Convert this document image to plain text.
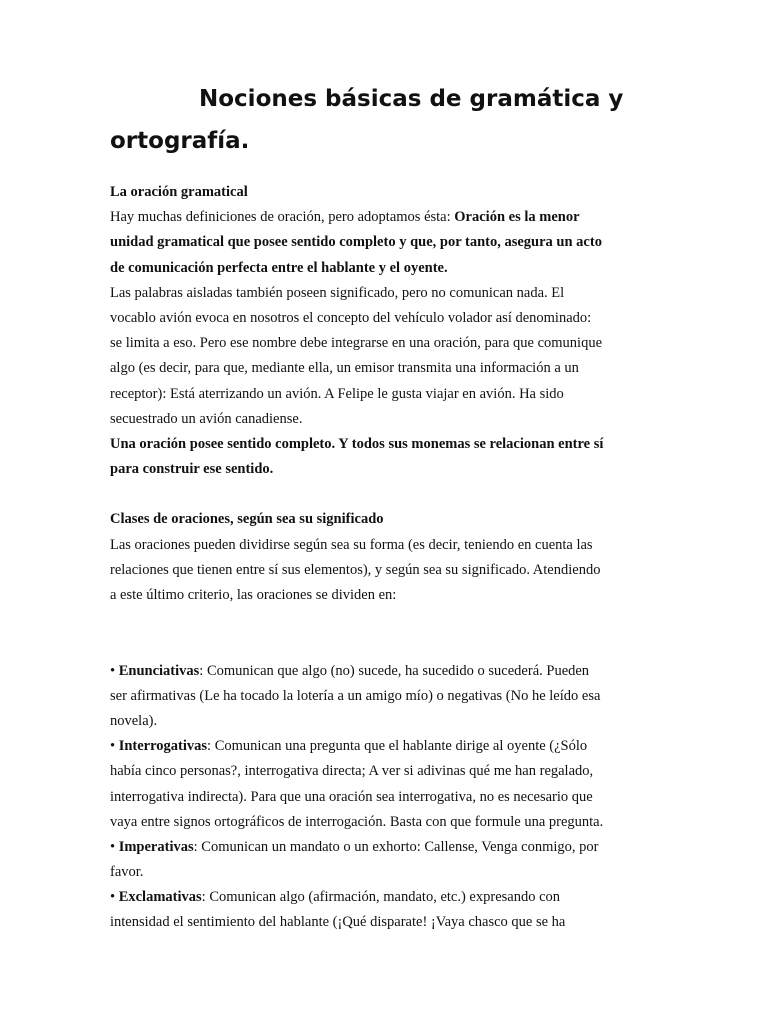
Nociones básicas de gramática y
ortografía.
La oración gramatical
Hay muchas definiciones de oración, pero adoptamos ésta: Oración es la menor
unidad gramatical que posee sentido completo y que, por tanto, asegura un acto
de comunicación perfecta entre el hablante y el oyente.
Las palabras aisladas también poseen significado, pero no comunican nada. El
vocablo avión evoca en nosotros el concepto del vehículo volador así denominado:
se limita a eso. Pero ese nombre debe integrarse en una oración, para que comunique
algo (es decir, para que, mediante ella, un emisor transmita una información a un
receptor): Está aterrizando un avión. A Felipe le gusta viajar en avión. Ha sido
secuestrado un avión canadiense.
Una oración posee sentido completo. Y todos sus monemas se relacionan entre sí
para construir ese sentido.
Clases de oraciones, según sea su significado
Las oraciones pueden dividirse según sea su forma (es decir, teniendo en cuenta las
relaciones que tienen entre sí sus elementos), y según sea su significado. Atendiendo
a este último criterio, las oraciones se dividen en:
• Enunciativas: Comunican que algo (no) sucede, ha sucedido o sucederá. Pueden
ser afirmativas (Le ha tocado la lotería a un amigo mío) o negativas (No he leído esa
novela).
• Interrogativas: Comunican una pregunta que el hablante dirige al oyente (¿Sólo
había cinco personas?, interrogativa directa; A ver si adivinas qué me han regalado,
interrogativa indirecta). Para que una oración sea interrogativa, no es necesario que
vaya entre signos ortográficos de interrogación. Basta con que formule una pregunta.
• Imperativas: Comunican un mandato o un exhorto: Callense, Venga conmigo, por
favor.
• Exclamativas: Comunican algo (afirmación, mandato, etc.) expresando con
intensidad el sentimiento del hablante (¡Qué disparate! ¡Vaya chasco que se ha
